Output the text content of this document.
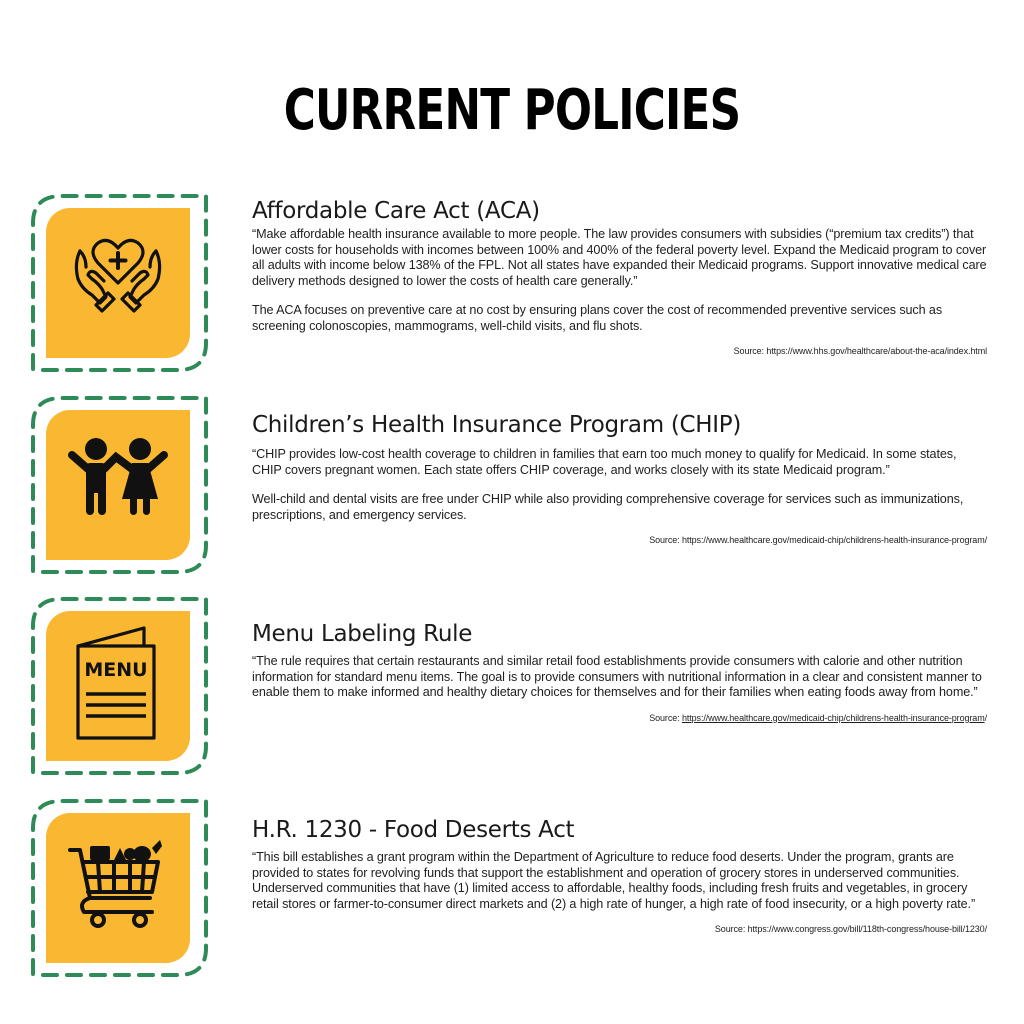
CURRENT POLICIES
Affordable Care Act (ACA)

“Make affordable health insurance available to more people. The law provides consumers with subsidies (“premium tax credits”) that lower costs for households with incomes between 100% and 400% of the federal poverty level. Expand the Medicaid program to cover all adults with income below 138% of the FPL. Not all states have expanded their Medicaid programs. Support innovative medical care delivery methods designed to lower the costs of health care generally.”

The ACA focuses on preventive care at no cost by ensuring plans cover the cost of recommended preventive services such as screening colonoscopies, mammograms, well-child visits, and flu shots.

Source: https://www.hhs.gov/healthcare/about-the-aca/index.html
Children’s Health Insurance Program (CHIP)

“CHIP provides low-cost health coverage to children in families that earn too much money to qualify for Medicaid. In some states, CHIP covers pregnant women. Each state offers CHIP coverage, and works closely with its state Medicaid program.”

Well-child and dental visits are free under CHIP while also providing comprehensive coverage for services such as immunizations, prescriptions, and emergency services.

Source: https://www.healthcare.gov/medicaid-chip/childrens-health-insurance-program/
MENU
Menu Labeling Rule

“The rule requires that certain restaurants and similar retail food establishments provide consumers with calorie and other nutrition information for standard menu items. The goal is to provide consumers with nutritional information in a clear and consistent manner to enable them to make informed and healthy dietary choices for themselves and for their families when eating foods away from home.”

Source: https://www.healthcare.gov/medicaid-chip/childrens-health-insurance-program/
H.R. 1230 - Food Deserts Act

“This bill establishes a grant program within the Department of Agriculture to reduce food deserts. Under the program, grants are provided to states for revolving funds that support the establishment and operation of grocery stores in underserved communities. Underserved communities that have (1) limited access to affordable, healthy foods, including fresh fruits and vegetables, in grocery retail stores or farmer-to-consumer direct markets and (2) a high rate of hunger, a high rate of food insecurity, or a high poverty rate.”

Source: https://www.congress.gov/bill/118th-congress/house-bill/1230/
